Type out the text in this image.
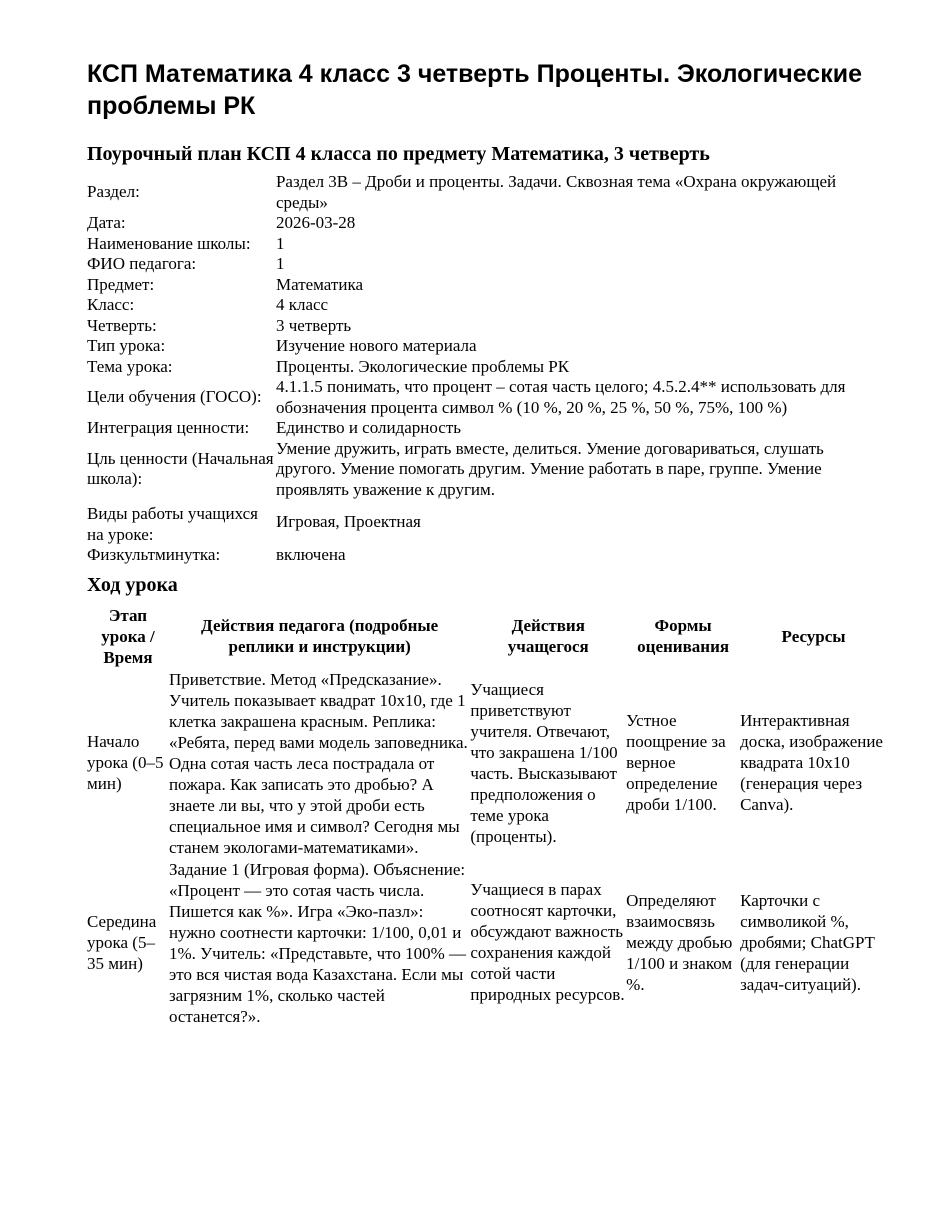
КСП Математика 4 класс 3 четверть Проценты. Экологические проблемы РК
Поурочный план КСП 4 класса по предмету Математика, 3 четверть
Раздел:	Раздел 3В – Дроби и проценты. Задачи. Сквозная тема «Охрана окружающей среды»
Дата:	2026-03-28
Наименование школы:	1
ФИО педагога:	1
Предмет:	Математика
Класс:	4 класс
Четверть:	3 четверть
Тип урока:	Изучение нового материала
Тема урока:	Проценты. Экологические проблемы РК
Цели обучения (ГОСО):	4.1.1.5 понимать, что процент – сотая часть целого; 4.5.2.4** использовать для обозначения процента символ % (10 %, 20 %, 25 %, 50 %, 75%, 100 %)
Интеграция ценности:	Единство и солидарность
Цль ценности (Начальная школа):	Умение дружить, играть вместе, делиться. Умение договариваться, слушать другого. Умение помогать другим. Умение работать в паре, группе. Умение проявлять уважение к другим.
Виды работы учащихся на уроке:	Игровая, Проектная
Физкультминутка:	включена
Ход урока
Этап урока / Время	Действия педагога (подробные реплики и инструкции)	Действия учащегося	Формы оценивания	Ресурсы
Начало урока (0–5 мин)	Приветствие. Метод «Предсказание». Учитель показывает квадрат 10х10, где 1 клетка закрашена красным. Реплика: «Ребята, перед вами модель заповедника. Одна сотая часть леса пострадала от пожара. Как записать это дробью? А знаете ли вы, что у этой дроби есть специальное имя и символ? Сегодня мы станем экологами-математиками».	Учащиеся приветствуют учителя. Отвечают, что закрашена 1/100 часть. Высказывают предположения о теме урока (проценты).	Устное поощрение за верное определение дроби 1/100.	Интерактивная доска, изображение квадрата 10х10 (генерация через Canva).
Середина урока (5–35 мин)	Задание 1 (Игровая форма). Объяснение: «Процент — это сотая часть числа. Пишется как %». Игра «Эко-пазл»: нужно соотнести карточки: 1/100, 0,01 и 1%. Учитель: «Представьте, что 100% — это вся чистая вода Казахстана. Если мы загрязним 1%, сколько частей останется?».	Учащиеся в парах соотносят карточки, обсуждают важность сохранения каждой сотой части природных ресурсов.	Определяют взаимосвязь между дробью 1/100 и знаком %.	Карточки с символикой %, дробями; ChatGPT (для генерации задач-ситуаций).
